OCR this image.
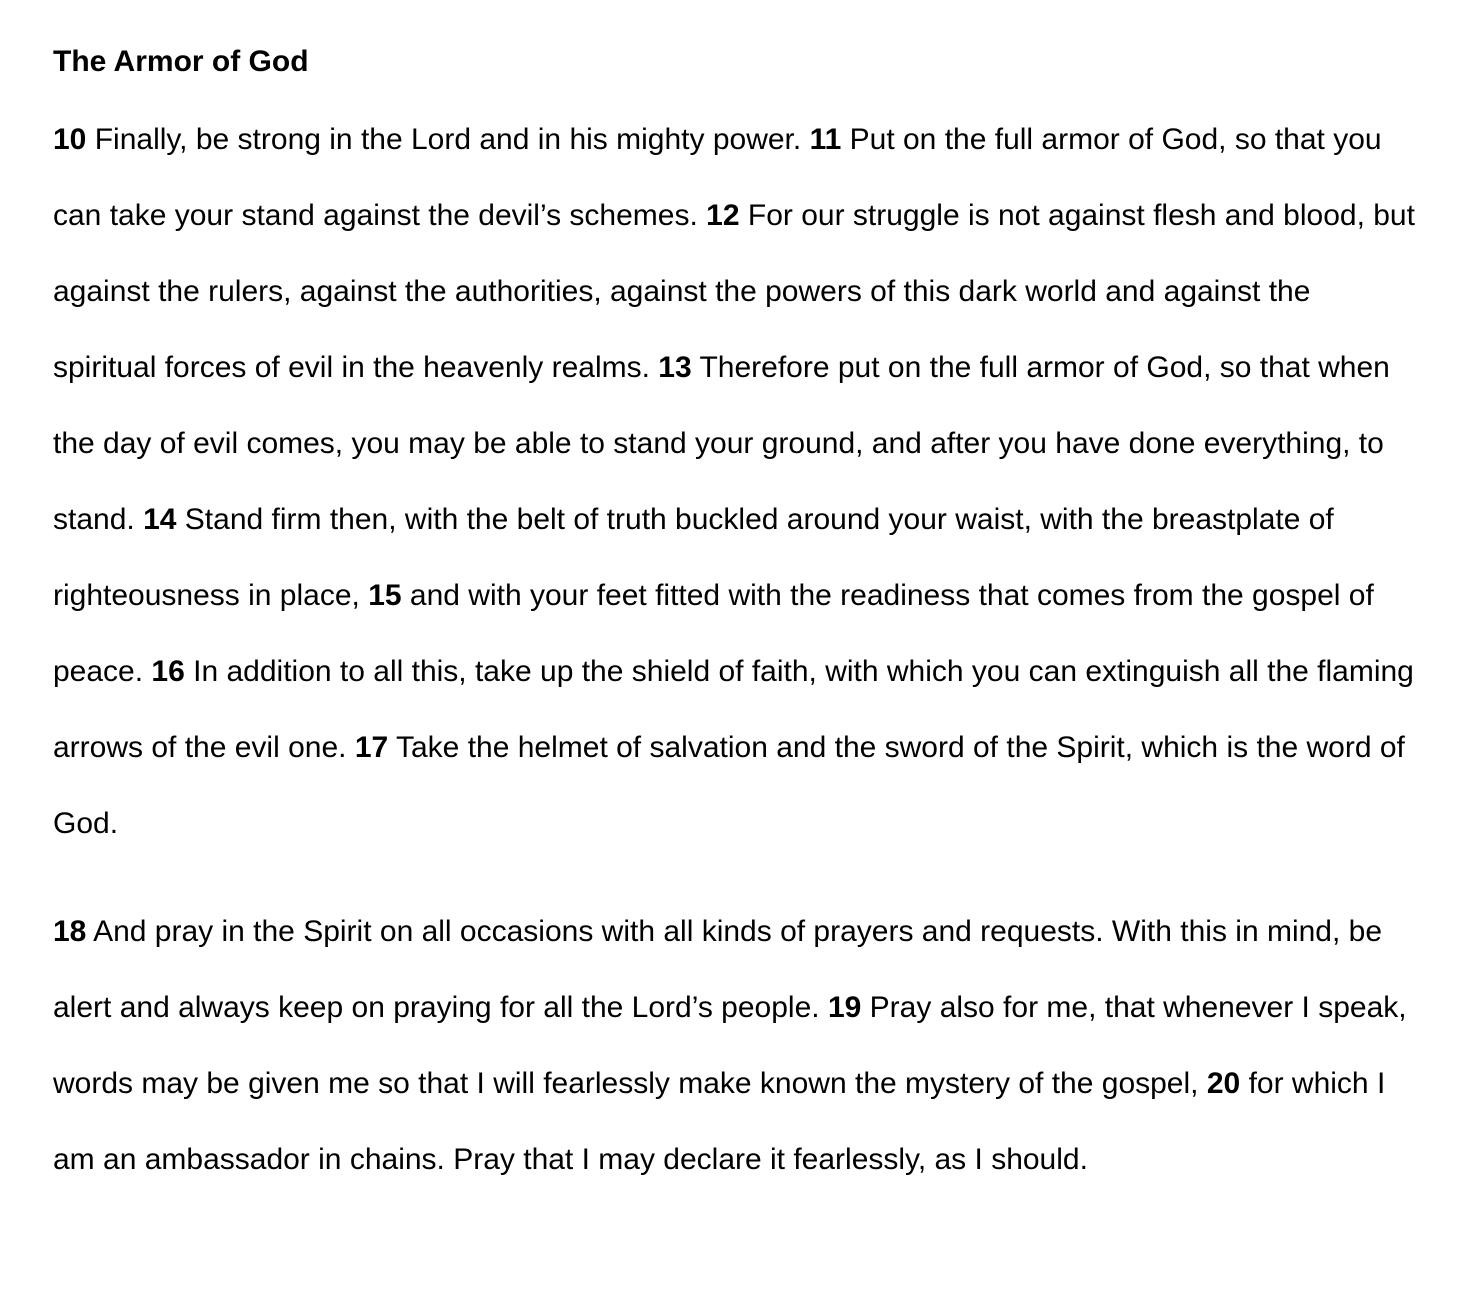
The Armor of God

10 Finally, be strong in the Lord and in his mighty power. 11 Put on the full armor of God, so that you can take your stand against the devil’s schemes. 12 For our struggle is not against flesh and blood, but against the rulers, against the authorities, against the powers of this dark world and against the spiritual forces of evil in the heavenly realms. 13 Therefore put on the full armor of God, so that when the day of evil comes, you may be able to stand your ground, and after you have done everything, to stand. 14 Stand firm then, with the belt of truth buckled around your waist, with the breastplate of righteousness in place, 15 and with your feet fitted with the readiness that comes from the gospel of peace. 16 In addition to all this, take up the shield of faith, with which you can extinguish all the flaming arrows of the evil one. 17 Take the helmet of salvation and the sword of the Spirit, which is the word of God.

18 And pray in the Spirit on all occasions with all kinds of prayers and requests. With this in mind, be alert and always keep on praying for all the Lord’s people. 19 Pray also for me, that whenever I speak, words may be given me so that I will fearlessly make known the mystery of the gospel, 20 for which I am an ambassador in chains. Pray that I may declare it fearlessly, as I should.
